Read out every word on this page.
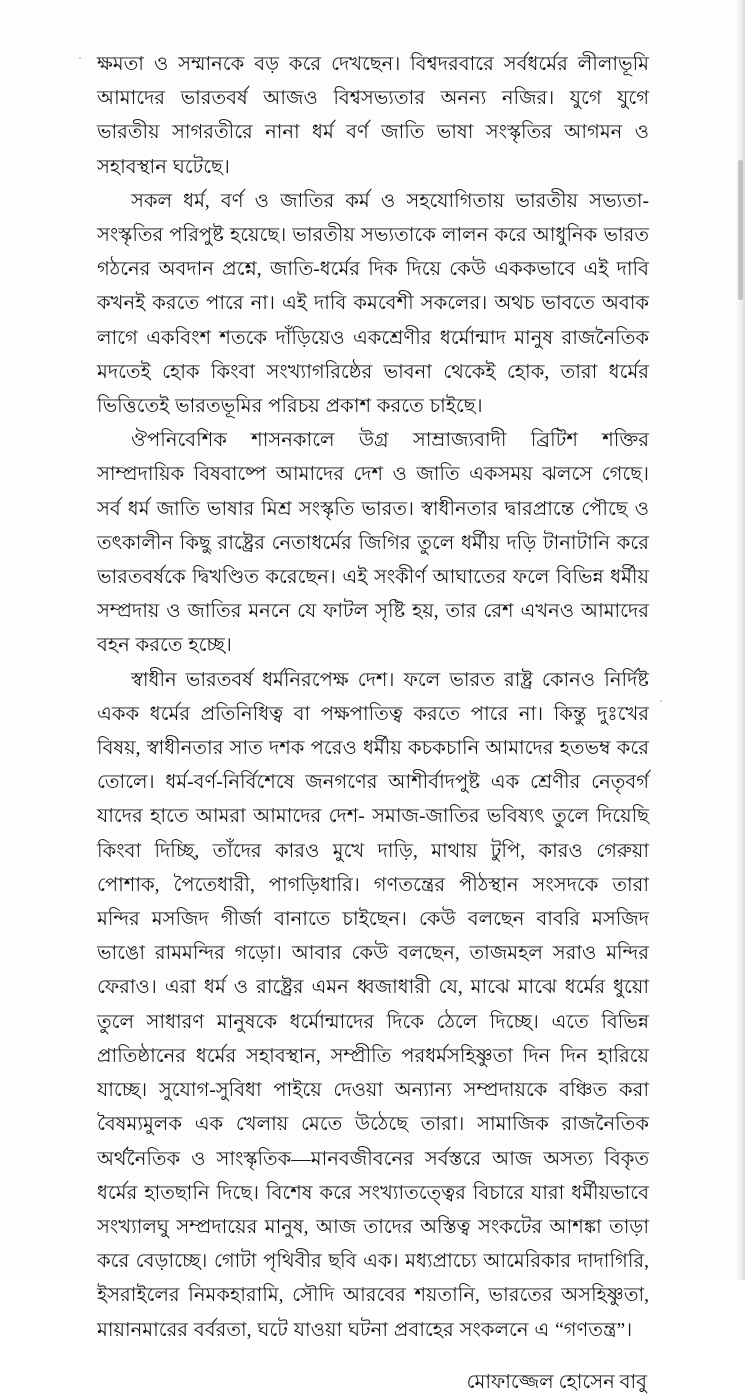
ক্ষমতা ও সম্মানকে বড় করে দেখছেন। বিশ্বদরবারে সর্বধর্মের লীলাভূমি আমাদের ভারতবর্ষ আজও বিশ্বসভ্যতার অনন্য নজির। যুগে যুগে ভারতীয় সাগরতীরে নানা ধর্ম বর্ণ জাতি ভাষা সংস্কৃতির আগমন ও সহাবস্থান ঘটেছে।

সকল ধর্ম, বর্ণ ও জাতির কর্ম ও সহযোগিতায় ভারতীয় সভ্যতা-সংস্কৃতির পরিপুষ্ট হয়েছে। ভারতীয় সভ্যতাকে লালন করে আধুনিক ভারত গঠনের অবদান প্রশ্নে, জাতি-ধর্মের দিক দিয়ে কেউ এককভাবে এই দাবি কখনই করতে পারে না। এই দাবি কমবেশী সকলের। অথচ ভাবতে অবাক লাগে একবিংশ শতকে দাঁড়িয়েও একশ্রেণীর ধর্মোন্মাদ মানুষ রাজনৈতিক মদতেই হোক কিংবা সংখ্যাগরিষ্ঠের ভাবনা থেকেই হোক, তারা ধর্মের ভিত্তিতেই ভারতভূমির পরিচয় প্রকাশ করতে চাইছে।

ঔপনিবেশিক শাসনকালে উগ্র সাম্রাজ্যবাদী ব্রিটিশ শক্তির সাম্প্রদায়িক বিষবাষ্পে আমাদের দেশ ও জাতি একসময় ঝলসে গেছে। সর্ব ধর্ম জাতি ভাষার মিশ্র সংস্কৃতি ভারত। স্বাধীনতার দ্বারপ্রান্তে পৌছে ও তৎকালীন কিছু রাষ্ট্রের নেতাধর্মের জিগির তুলে ধর্মীয় দড়ি টানাটানি করে ভারতবর্ষকে দ্বিখণ্ডিত করেছেন। এই সংকীর্ণ আঘাতের ফলে বিভিন্ন ধর্মীয় সম্প্রদায় ও জাতির মননে যে ফাটল সৃষ্টি হয়, তার রেশ এখনও আমাদের বহন করতে হচ্ছে।

স্বাধীন ভারতবর্ষ ধর্মনিরপেক্ষ দেশ। ফলে ভারত রাষ্ট্র কোনও নির্দিষ্ট একক ধর্মের প্রতিনিধিত্ব বা পক্ষপাতিত্ব করতে পারে না। কিন্তু দুঃখের বিষয়, স্বাধীনতার সাত দশক পরেও ধর্মীয় কচকচানি আমাদের হতভম্ব করে তোলে। ধর্ম-বর্ণ-নির্বিশেষে জনগণের আশীর্বাদপুষ্ট এক শ্রেণীর নেতৃবর্গ যাদের হাতে আমরা আমাদের দেশ- সমাজ-জাতির ভবিষ্যৎ তুলে দিয়েছি কিংবা দিচ্ছি, তাঁদের কারও মুখে দাড়ি, মাথায় টুপি, কারও গেরুয়া পোশাক, পৈতেধারী, পাগড়িধারি। গণতন্ত্রের পীঠস্থান সংসদকে তারা মন্দির মসজিদ গীর্জা বানাতে চাইছেন। কেউ বলছেন বাবরি মসজিদ ভাঙো রামমন্দির গড়ো। আবার কেউ বলছেন, তাজমহল সরাও মন্দির ফেরাও। এরা ধর্ম ও রাষ্ট্রের এমন ধ্বজাধারী যে, মাঝে মাঝে ধর্মের ধুয়ো তুলে সাধারণ মানুষকে ধর্মোন্মাদের দিকে ঠেলে দিচ্ছে। এতে বিভিন্ন প্রাতিষ্ঠানের ধর্মের সহাবস্থান, সম্প্রীতি পরধর্মসহিষ্ণুতা দিন দিন হারিয়ে যাচ্ছে। সুযোগ-সুবিধা পাইয়ে দেওয়া অন্যান্য সম্প্রদায়কে বঞ্চিত করা বৈষম্যমুলক এক খেলায় মেতে উঠেছে তারা। সামাজিক রাজনৈতিক অর্থনৈতিক ও সাংস্কৃতিক—মানবজীবনের সর্বস্তরে আজ অসত্য বিকৃত ধর্মের হাতছানি দিছে। বিশেষ করে সংখ্যাতত্ত্বের বিচারে যারা ধর্মীয়ভাবে সংখ্যালঘু সম্প্রদায়ের মানুষ, আজ তাদের অস্তিত্ব সংকটের আশঙ্কা তাড়া করে বেড়াচ্ছে। গোটা পৃথিবীর ছবি এক। মধ্যপ্রাচ্যে আমেরিকার দাদাগিরি, ইসরাইলের নিমকহারামি, সৌদি আরবের শয়তানি, ভারতের অসহিষ্ণুতা, মায়ানমারের বর্বরতা, ঘটে যাওয়া ঘটনা প্রবাহের সংকলনে এ “গণতন্ত্র”।

মোফাজ্জেল হোসেন বাবু
